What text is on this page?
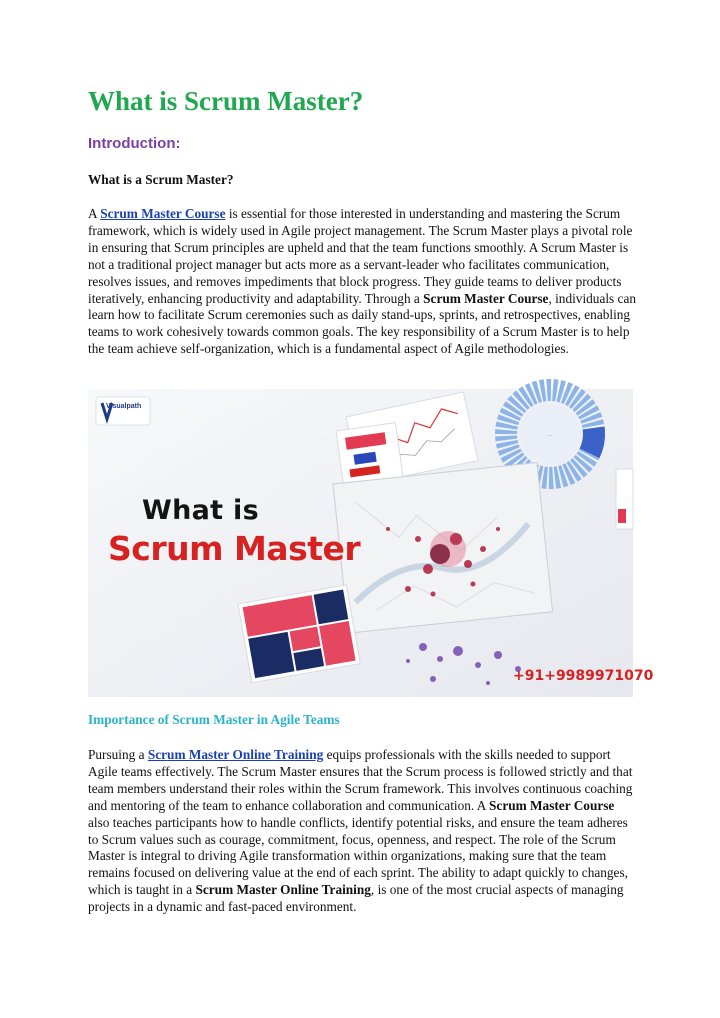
What is Scrum Master?
Introduction:

What is a Scrum Master?

A Scrum Master Course is essential for those interested in understanding and mastering the Scrum framework, which is widely used in Agile project management. The Scrum Master plays a pivotal role in ensuring that Scrum principles are upheld and that the team functions smoothly. A Scrum Master is not a traditional project manager but acts more as a servant-leader who facilitates communication, resolves issues, and removes impediments that block progress. They guide teams to deliver products iteratively, enhancing productivity and adaptability. Through a Scrum Master Course, individuals can learn how to facilitate Scrum ceremonies such as daily stand-ups, sprints, and retrospectives, enabling teams to work cohesively towards common goals. The key responsibility of a Scrum Master is to help the team achieve self-organization, which is a fundamental aspect of Agile methodologies.

…
Visualpath
What is
Scrum Master
+91+9989971070
Importance of Scrum Master in Agile Teams

Pursuing a Scrum Master Online Training equips professionals with the skills needed to support Agile teams effectively. The Scrum Master ensures that the Scrum process is followed strictly and that team members understand their roles within the Scrum framework. This involves continuous coaching and mentoring of the team to enhance collaboration and communication. A Scrum Master Course also teaches participants how to handle conflicts, identify potential risks, and ensure the team adheres to Scrum values such as courage, commitment, focus, openness, and respect. The role of the Scrum Master is integral to driving Agile transformation within organizations, making sure that the team remains focused on delivering value at the end of each sprint. The ability to adapt quickly to changes, which is taught in a Scrum Master Online Training, is one of the most crucial aspects of managing projects in a dynamic and fast-paced environment.
